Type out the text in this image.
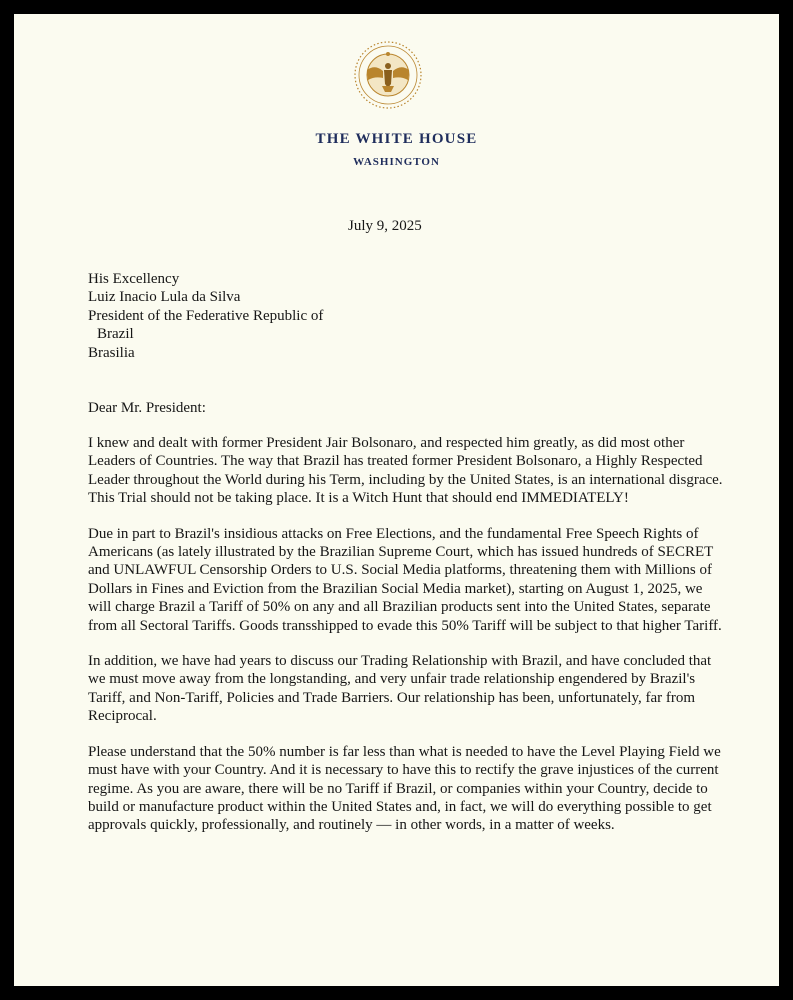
THE WHITE HOUSE
WASHINGTON
July 9, 2025
His Excellency
Luiz Inacio Lula da Silva
President of the Federative Republic of
Brazil
Brasilia
Dear Mr. President:

I knew and dealt with former President Jair Bolsonaro, and respected him greatly, as did most other Leaders of Countries. The way that Brazil has treated former President Bolsonaro, a Highly Respected Leader throughout the World during his Term, including by the United States, is an international disgrace. This Trial should not be taking place. It is a Witch Hunt that should end IMMEDIATELY!

Due in part to Brazil's insidious attacks on Free Elections, and the fundamental Free Speech Rights of Americans (as lately illustrated by the Brazilian Supreme Court, which has issued hundreds of SECRET and UNLAWFUL Censorship Orders to U.S. Social Media platforms, threatening them with Millions of Dollars in Fines and Eviction from the Brazilian Social Media market), starting on August 1, 2025, we will charge Brazil a Tariff of 50% on any and all Brazilian products sent into the United States, separate from all Sectoral Tariffs. Goods transshipped to evade this 50% Tariff will be subject to that higher Tariff.

In addition, we have had years to discuss our Trading Relationship with Brazil, and have concluded that we must move away from the longstanding, and very unfair trade relationship engendered by Brazil's Tariff, and Non-Tariff, Policies and Trade Barriers. Our relationship has been, unfortunately, far from Reciprocal.

Please understand that the 50% number is far less than what is needed to have the Level Playing Field we must have with your Country. And it is necessary to have this to rectify the grave injustices of the current regime. As you are aware, there will be no Tariff if Brazil, or companies within your Country, decide to build or manufacture product within the United States and, in fact, we will do everything possible to get approvals quickly, professionally, and routinely — in other words, in a matter of weeks.
